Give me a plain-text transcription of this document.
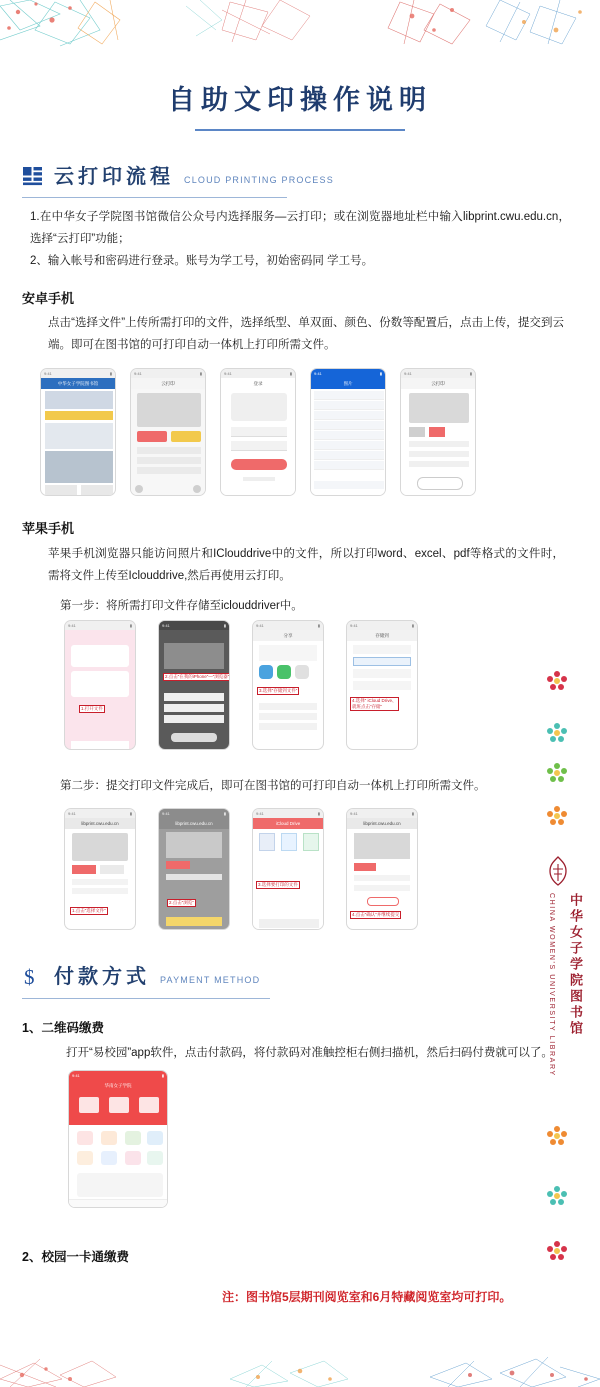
自助文印操作说明
云打印流程 CLOUD PRINTING PROCESS
1.在中华女子学院图书馆微信公众号内选择服务—云打印；或在浏览器地址栏中输入libprint.cwu.edu.cn，选择“云打印”功能；
2、输入帐号和密码进行登录。账号为学工号，初始密码同 学工号。
安卓手机
点击“选择文件”上传所需打印的文件，选择纸型、单双面、颜色、份数等配置后，点击上传，提交到云端。即可在图书馆的可打印自动一体机上打印所需文件。
9:41	▮
中华女子学院图书馆
9:41	▮
云打印
9:41	▮
登录
9:41	▮
图片
9:41	▮
云打印
苹果手机
苹果手机浏览器只能访问照片和IClouddrive中的文件，所以打印word、excel、pdf等格式的文件时，需将文件上传至Iclouddrive,然后再使用云打印。
第一步：将所需打印文件存储至iclouddriver中。
9:41	▮
1.打开文件
9:41	▮
2.点击“在我的iPhone”—“浏览器”
9:41	▮
分享
3.选择“存储到文件”
9:41	▮
存储到
4.选择“ iCloud Drive、
就班点击”存储“
第二步：提交打印文件完成后，即可在图书馆的可打印自动一体机上打印所需文件。
9:41	▮
libprint.cwu.edu.cn
1.点击“选择文件”
9:41	▮
libprint.cwu.edu.cn
2.点击“浏览”
9:41	▮
iCloud Drive
3.选择要打印的文件
9:41	▮
libprint.cwu.edu.cn
4.点击“确认”并继续提交
$ 付款方式 PAYMENT METHOD
1、二维码缴费
打开“易校园”app软件，点击付款码，将付款码对准触控柜右侧扫描机，然后扫码付费就可以了。
9:41	▮
华南女子学院
2、校园一卡通缴费
注：图书馆5层期刊阅览室和6月特藏阅览室均可打印。
中华女子学院图书馆
CHINA WOMEN'S UNIVERSITY LIBRARY
